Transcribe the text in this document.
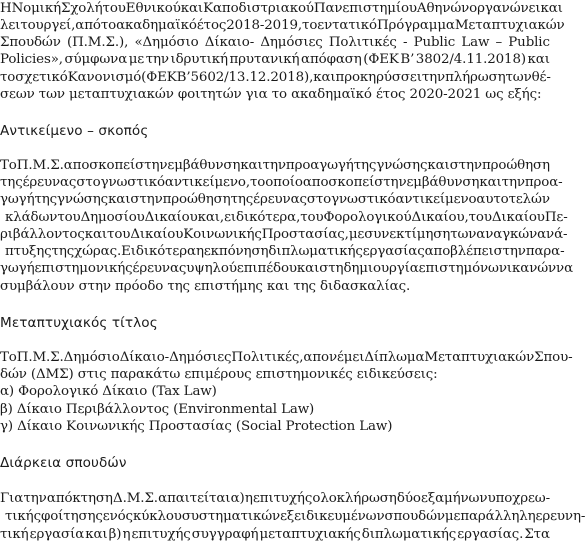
Η Νομική Σχολή του Εθνικού και Καποδιστριακού Πανεπιστημίου Αθηνών οργανώνει και
λειτουργεί, από το ακαδημαϊκό έτος 2018-2019, το εντατικό Πρόγραμμα Μεταπτυχιακών
Σπουδών (Π.Μ.Σ.), «Δημόσιο Δίκαιο- Δημόσιες Πολιτικές - Public Law – Public
Policies», σύμφωνα με την ιδρυτική πρυτανική απόφαση (ΦΕΚ Β’ 3802/4.11.2018) και
το σχετικό Κανονισμό (ΦΕΚ Β’ 5602/13.12.2018), και προκηρύσσει την πλήρωση των θέ-
σεων των μεταπτυχιακών φοιτητών για το ακαδημαϊκό έτος 2020-2021 ως εξής:
Αντικείμενο – σκοπός
Το Π.Μ.Σ. αποσκοπεί στην εμβάθυνση και την προαγωγή της γνώσης και στην προώθηση
της έρευνας στο γνωστικό αντικείμενο, το οποίο αποσκοπεί στην εμβάθυνση και την προα-
γωγή της γνώσης και στην προώθηση της έρευνας στο γνωστικό αντικείμενο αυτοτελών
κλάδων του Δημοσίου Δικαίου και, ειδικότερα, του Φορολογικού Δικαίου, του Δικαίου Πε-
ριβάλλοντος και του Δικαίου Κοινωνικής Προστασίας, με συνεκτίμηση των αναγκών ανά-
πτυξης της χώρας. Ειδικότερα η εκπόνηση διπλωματικής εργασίας αποβλέπει στην παρα-
γωγή επιστημονικής έρευνας υψηλού επιπέδου και στη δημιουργία επιστημόνων ικανών να
συμβάλουν στην πρόοδο της επιστήμης και της διδασκαλίας.
Μεταπτυχιακός τίτλος
Το Π.Μ.Σ. Δημόσιο Δίκαιο- Δημόσιες Πολιτικές, απονέμει Δίπλωμα Μεταπτυχιακών Σπου-
δών (ΔΜΣ) στις παρακάτω επιμέρους επιστημονικές ειδικεύσεις:
α) Φορολογικό Δίκαιο (Tax Law)
β) Δίκαιο Περιβάλλοντος (Environmental Law)
γ) Δίκαιο Κοινωνικής Προστασίας (Social Protection Law)
Διάρκεια σπουδών
Για την απόκτηση Δ.Μ.Σ. απαιτείται α) η επιτυχής ολοκλήρωση δύο εξαμήνων υποχρεω-
τικής φοίτησης ενός κύκλου συστηματικών εξειδικευμένων σπουδών με παράλληλη ερευνη-
τική εργασία και β) η επιτυχής συγγραφή μεταπτυχιακής διπλωματικής εργασίας. Στα
